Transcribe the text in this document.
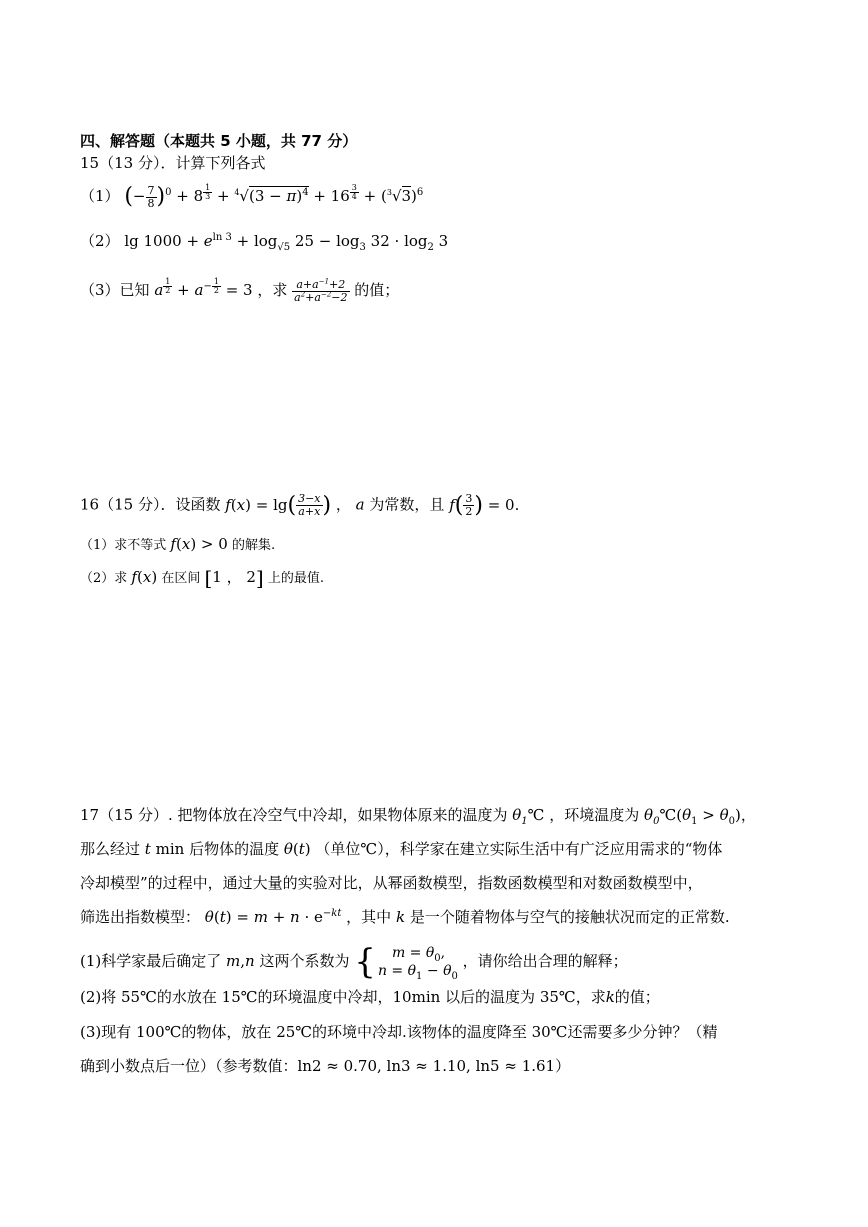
四、解答题（本题共 5 小题，共 77 分）
15（13 分）．计算下列各式
（1） (− $\frac{7}{8} )^0 + 8$ $^{\frac{1}{3}} + ^4√(3 - \pi)^4 + 16$ $^{\frac{3}{4}} + (^3√3)^6$
（2） $\lg 1000 + e^{ln 3} + \log_{√5} 25 - \log_3 32 \cdot \log_2 3$
（3）已知 a $^{\frac{1}{2}} + a^{- \frac{1}{2}} = 3$ ，求 $\frac{a+a^{-1}+2}{a^2+a^{-2}-2}$ 的值；
16（15 分）．设函数 $f(x) = \lg( \frac{3-x}{a+x}$ ) ， a 为常数，且 $f( \frac{3}{2}$ ) = 0.
（1）求不等式 f(x) > 0 的解集.
（2）求 f(x) 在区间 [1 ， 2] 上的最值.
17（15 分）. 把物体放在冷空气中冷却，如果物体原来的温度为 $\theta_1℃$ ，环境温度为 $\theta_0℃(\theta_1 > \theta_0)$，
那么经过 t min 后物体的温度 θ(t) （单位℃），科学家在建立实际生活中有广泛应用需求的“物体
冷却模型”的过程中，通过大量的实验对比，从幂函数模型，指数函数模型和对数函数模型中，
筛选出指数模型： $\theta(t) = m + n \cdot e^{-kt}$ ，其中 k 是一个随着物体与空气的接触状况而定的正常数.
(1)科学家最后确定了 m,n 这两个系数为 { $m = \theta_0$,
$n = \theta_1 - \theta_0$
，请你给出合理的解释；
(2)将 55℃的水放在 15℃的环境温度中冷却，10min 以后的温度为 35℃，求k的值；
(3)现有 100℃的物体，放在 25℃的环境中冷却.该物体的温度降至 30℃还需要多少分钟？（精
确到小数点后一位）（参考数值：ln2 ≈ 0.70, ln3 ≈ 1.10, ln5 ≈ 1.61）
